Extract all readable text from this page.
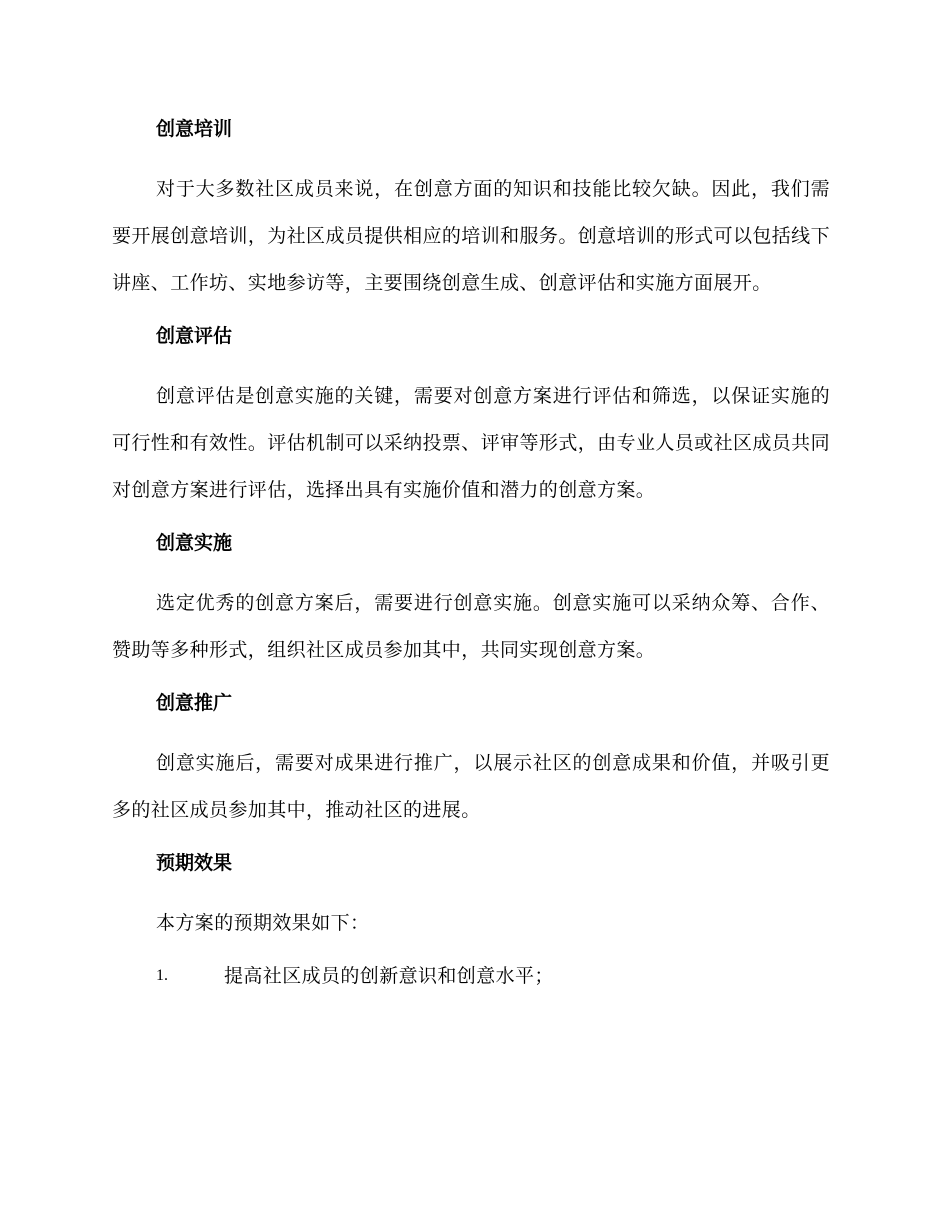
创意培训

对于大多数社区成员来说，在创意方面的知识和技能比较欠缺。因此，我们需要开展创意培训，为社区成员提供相应的培训和服务。创意培训的形式可以包括线下讲座、工作坊、实地参访等，主要围绕创意生成、创意评估和实施方面展开。

创意评估

创意评估是创意实施的关键，需要对创意方案进行评估和筛选，以保证实施的可行性和有效性。评估机制可以采纳投票、评审等形式，由专业人员或社区成员共同对创意方案进行评估，选择出具有实施价值和潜力的创意方案。

创意实施

选定优秀的创意方案后，需要进行创意实施。创意实施可以采纳众筹、合作、赞助等多种形式，组织社区成员参加其中，共同实现创意方案。

创意推广

创意实施后，需要对成果进行推广，以展示社区的创意成果和价值，并吸引更多的社区成员参加其中，推动社区的进展。

预期效果

本方案的预期效果如下：

1.	提高社区成员的创新意识和创意水平；
